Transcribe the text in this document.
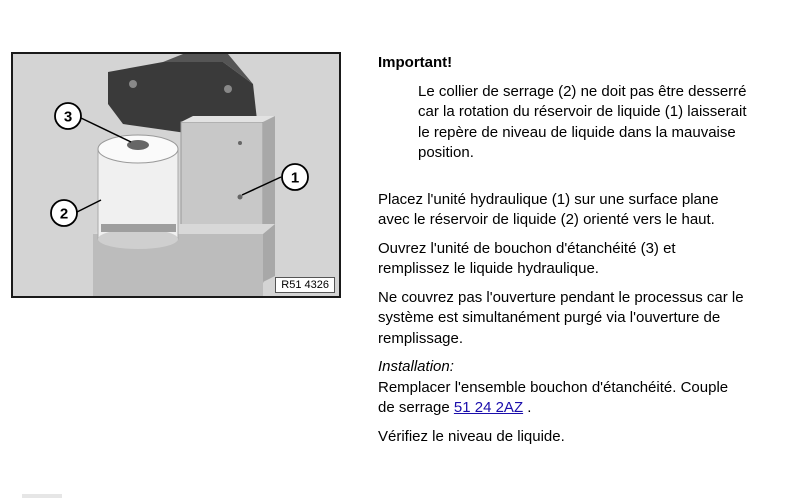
3
2
1
R51 4326

Important!

Le collier de serrage (2) ne doit pas être desserré
car la rotation du réservoir de liquide (1) laisserait
le repère de niveau de liquide dans la mauvaise
position.

Placez l'unité hydraulique (1) sur une surface plane
avec le réservoir de liquide (2) orienté vers le haut.

Ouvrez l'unité de bouchon d'étanchéité (3) et
remplissez le liquide hydraulique.

Ne couvrez pas l'ouverture pendant le processus car le
système est simultanément purgé via l'ouverture de
remplissage.

Installation:
Remplacer l'ensemble bouchon d'étanchéité. Couple
de serrage 51 24 2AZ .

Vérifiez le niveau de liquide.
